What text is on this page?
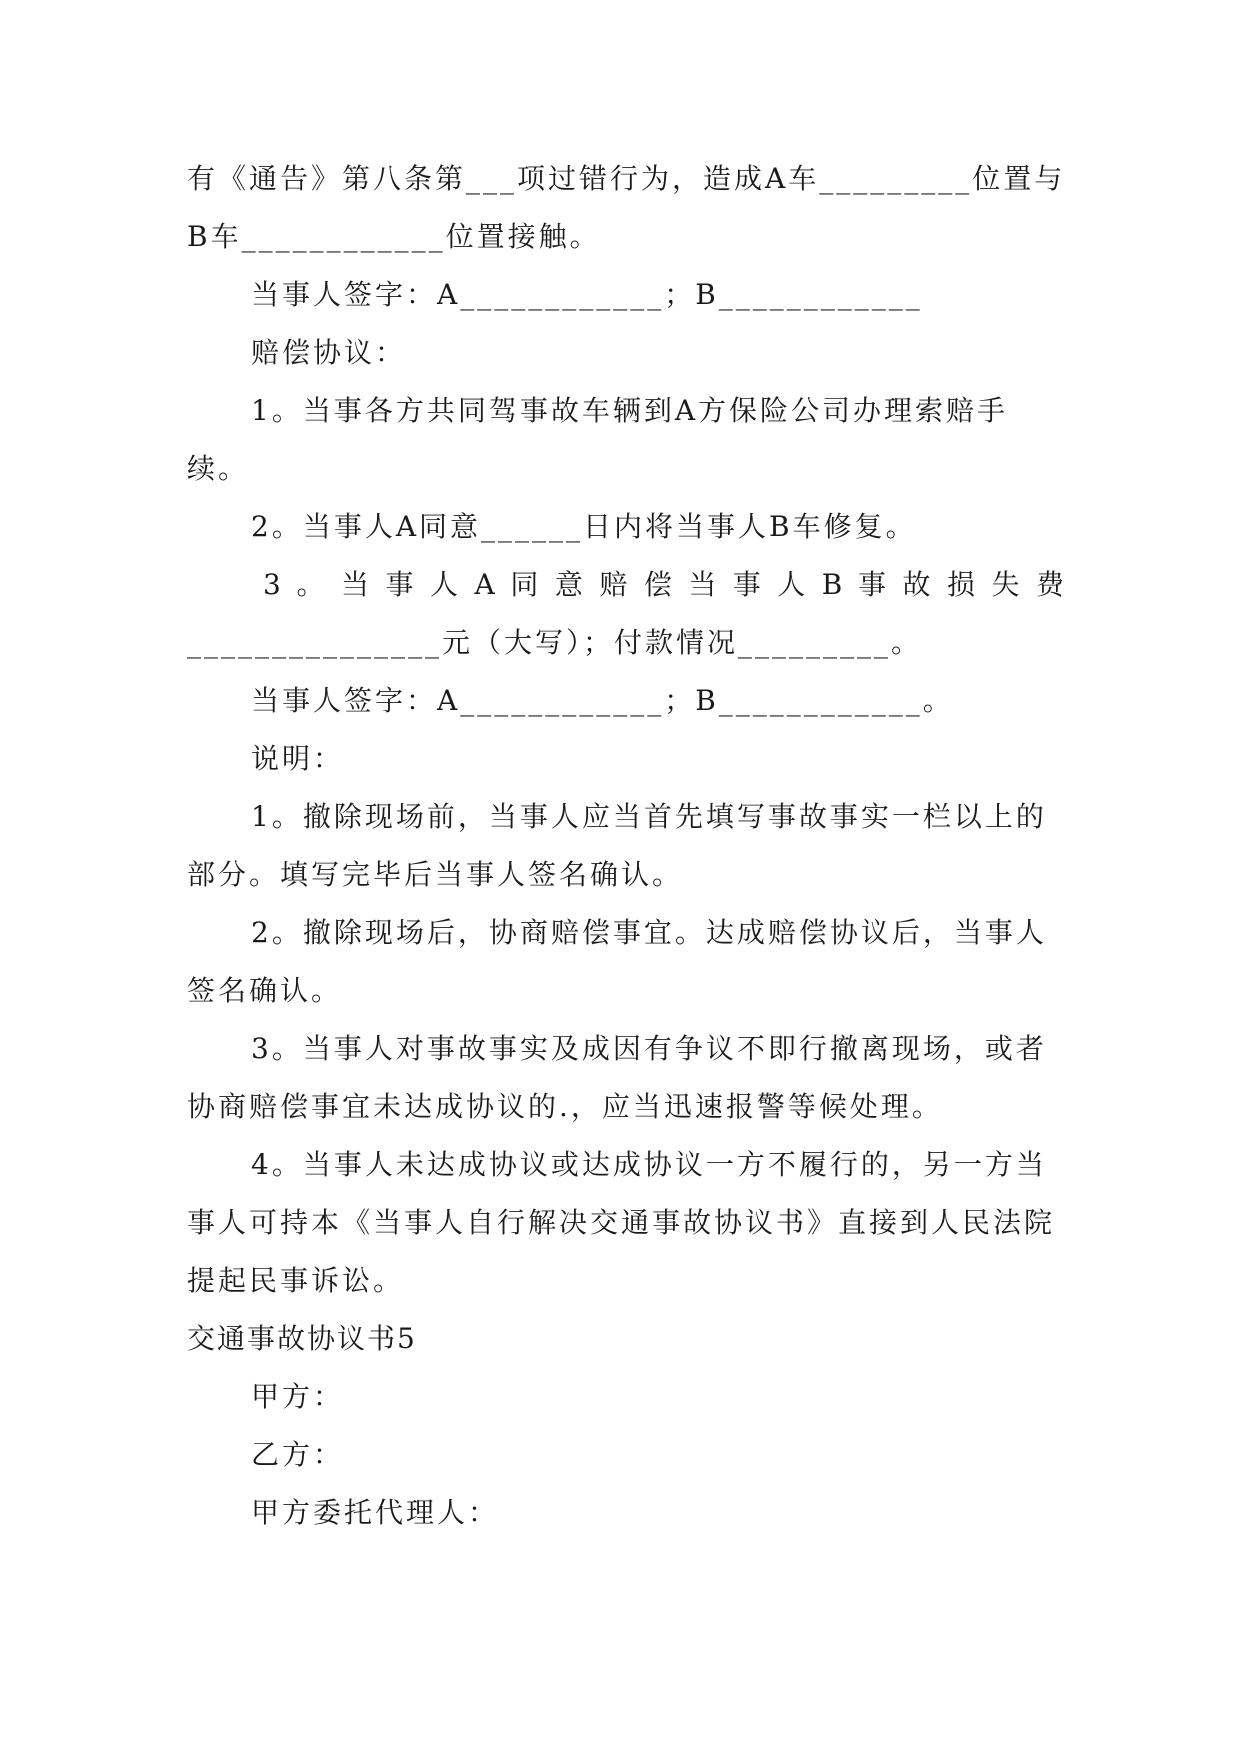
有《通告》第八条第___项过错行为，造成A车_________位置与B车____________位置接触。

当事人签字：A____________；B____________

赔偿协议：

1。当事各方共同驾事故车辆到A方保险公司办理索赔手续。

2。当事人A同意______日内将当事人B车修复。

3 。 当 事 人 A 同 意 赔 偿 当 事 人 B 事 故 损 失 费

_______________元（大写）；付款情况_________。

当事人签字：A____________；B____________。

说明：

1。撤除现场前，当事人应当首先填写事故事实一栏以上的部分。填写完毕后当事人签名确认。

2。撤除现场后，协商赔偿事宜。达成赔偿协议后，当事人签名确认。

3。当事人对事故事实及成因有争议不即行撤离现场，或者协商赔偿事宜未达成协议的.，应当迅速报警等候处理。

4。当事人未达成协议或达成协议一方不履行的，另一方当事人可持本《当事人自行解决交通事故协议书》直接到人民法院提起民事诉讼。

交通事故协议书5

甲方：

乙方：

甲方委托代理人：
